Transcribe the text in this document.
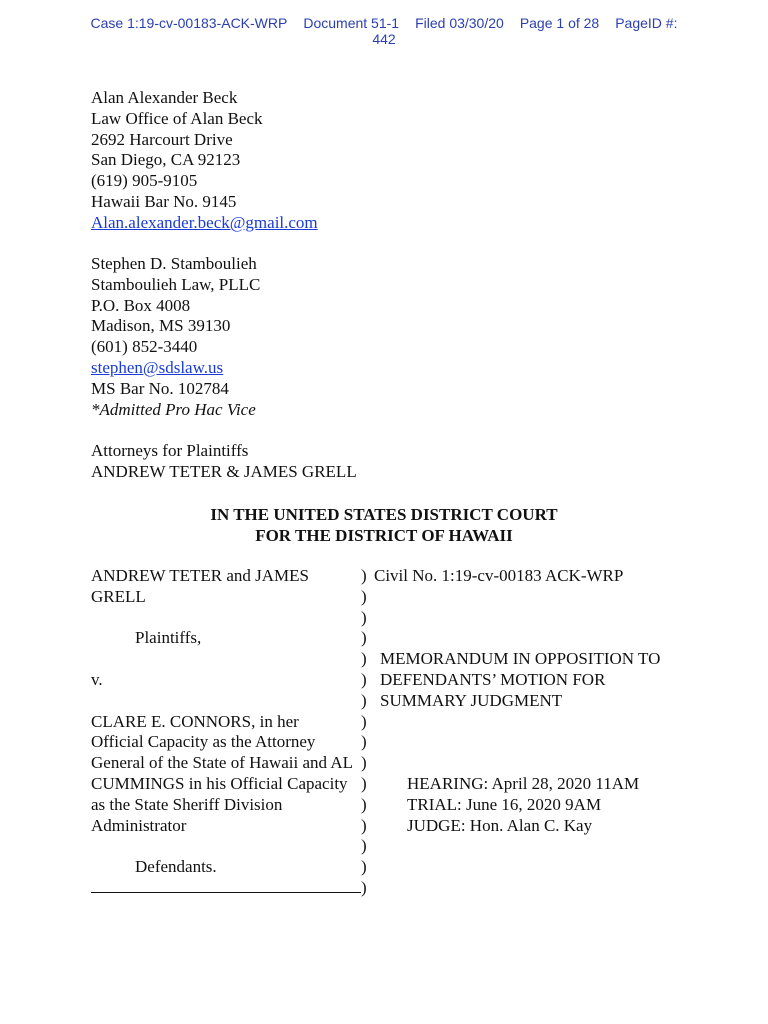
Case 1:19-cv-00183-ACK-WRP Document 51-1 Filed 03/30/20 Page 1 of 28 PageID #:
442
Alan Alexander Beck
Law Office of Alan Beck
2692 Harcourt Drive
San Diego, CA 92123
(619) 905-9105
Hawaii Bar No. 9145
Alan.alexander.beck@gmail.com
Stephen D. Stamboulieh
Stamboulieh Law, PLLC
P.O. Box 4008
Madison, MS 39130
(601) 852-3440
stephen@sdslaw.us
MS Bar No. 102784
*Admitted Pro Hac Vice
Attorneys for Plaintiffs
ANDREW TETER & JAMES GRELL
IN THE UNITED STATES DISTRICT COURT
FOR THE DISTRICT OF HAWAII
ANDREW TETER and JAMES
GRELL
Plaintiffs,
v.
CLARE E. CONNORS, in her
Official Capacity as the Attorney
General of the State of Hawaii and AL
CUMMINGS in his Official Capacity
as the State Sheriff Division
Administrator
Defendants.
)
)
)
)
)
)
)
)
)
)
)
)
)
)
)
)
Civil No. 1:19-cv-00183 ACK-WRP
MEMORANDUM IN OPPOSITION TO
DEFENDANTS’ MOTION FOR
SUMMARY JUDGMENT
HEARING: April 28, 2020 11AM
TRIAL: June 16, 2020 9AM
JUDGE: Hon. Alan C. Kay
